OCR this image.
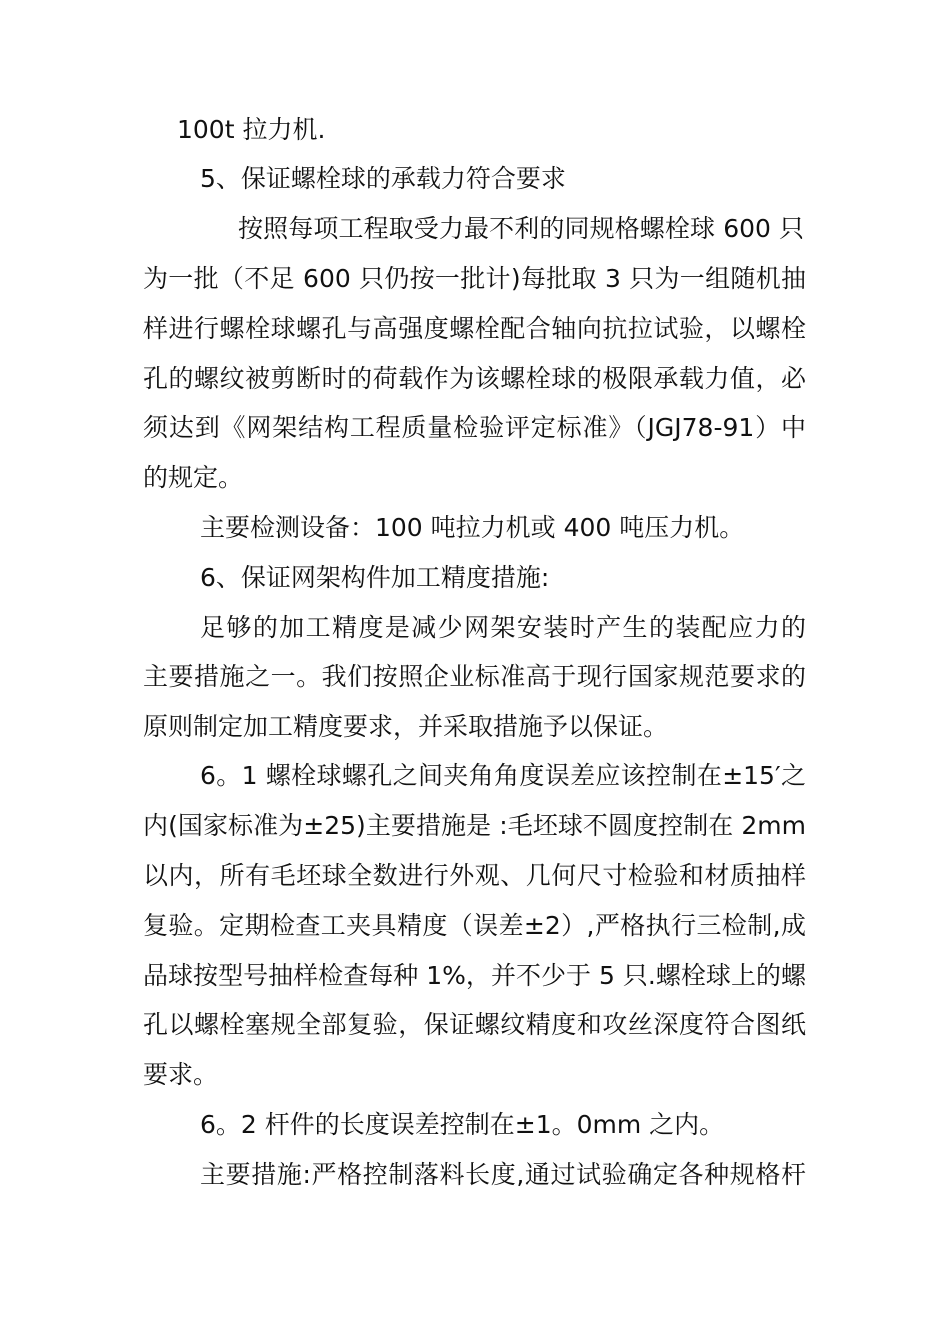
100t 拉力机.
5、保证螺栓球的承载力符合要求
按照每项工程取受力最不利的同规格螺栓球 600 只
为一批（不足 600 只仍按一批计)每批取 3 只为一组随机抽
样进行螺栓球螺孔与高强度螺栓配合轴向抗拉试验，以螺栓
孔的螺纹被剪断时的荷载作为该螺栓球的极限承载力值，必
须达到《网架结构工程质量检验评定标准》（JGJ78-91）中
的规定。
主要检测设备：100 吨拉力机或 400 吨压力机。
6、保证网架构件加工精度措施:
足够的加工精度是减少网架安装时产生的装配应力的
主要措施之一。我们按照企业标准高于现行国家规范要求的
原则制定加工精度要求，并采取措施予以保证。
6。1 螺栓球螺孔之间夹角角度误差应该控制在±15′之
内(国家标准为±25)主要措施是 :毛坯球不圆度控制在 2mm
以内，所有毛坯球全数进行外观、几何尺寸检验和材质抽样
复验。定期检查工夹具精度（误差±2）,严格执行三检制,成
品球按型号抽样检查每种 1%，并不少于 5 只.螺栓球上的螺
孔以螺栓塞规全部复验，保证螺纹精度和攻丝深度符合图纸
要求。
6。2 杆件的长度误差控制在±1。0mm 之内。
主要措施:严格控制落料长度,通过试验确定各种规格杆
